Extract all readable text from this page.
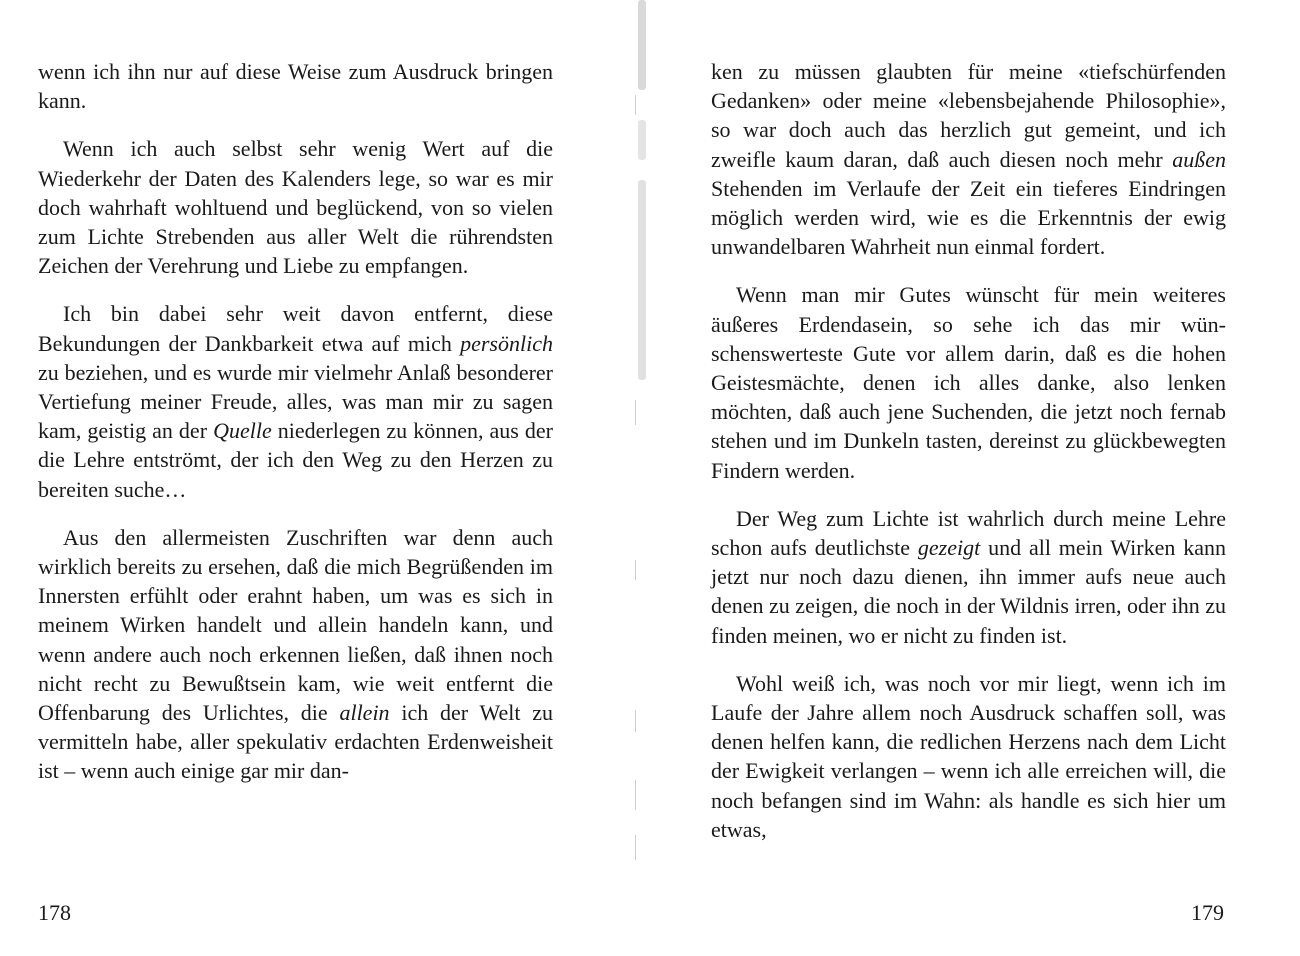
wenn ich ihn nur auf diese Weise zum Ausdruck bringen kann.

Wenn ich auch selbst sehr wenig Wert auf die Wiederkehr der Daten des Kalenders lege, so war es mir doch wahrhaft wohltuend und beglückend, von so vielen zum Lichte Strebenden aus aller Welt die rührendsten Zeichen der Verehrung und Liebe zu empfangen.

Ich bin dabei sehr weit davon entfernt, diese Bekundungen der Dankbarkeit etwa auf mich persönlich zu beziehen, und es wurde mir vielmehr Anlaß besonderer Vertiefung meiner Freude, alles, was man mir zu sagen kam, geistig an der Quelle niederlegen zu können, aus der die Lehre entströmt, der ich den Weg zu den Herzen zu bereiten suche…

Aus den allermeisten Zuschriften war denn auch wirklich bereits zu ersehen, daß die mich Begrüßenden im Innersten erfühlt oder erahnt haben, um was es sich in meinem Wirken handelt und allein handeln kann, und wenn andere auch noch erkennen ließen, daß ihnen noch nicht recht zu Bewußtsein kam, wie weit entfernt die Offenbarung des Urlichtes, die allein ich der Welt zu vermitteln habe, aller spekulativ erdachten Erdenweisheit ist – wenn auch einige gar mir dan-

ken zu müssen glaubten für meine «tiefschürfenden Gedanken» oder meine «lebensbejahende Philosophie», so war doch auch das herzlich gut gemeint, und ich zweifle kaum daran, daß auch diesen noch mehr außen Stehenden im Verlaufe der Zeit ein tieferes Eindringen möglich werden wird, wie es die Erkenntnis der ewig unwandelbaren Wahrheit nun einmal fordert.

Wenn man mir Gutes wünscht für mein weiteres äußeres Erdendasein, so sehe ich das mir wünschenswerteste Gute vor allem darin, daß es die hohen Geistesmächte, denen ich alles danke, also lenken möchten, daß auch jene Suchenden, die jetzt noch fernab stehen und im Dunkeln tasten, dereinst zu glückbewegten Findern werden.

Der Weg zum Lichte ist wahrlich durch meine Lehre schon aufs deutlichste gezeigt und all mein Wirken kann jetzt nur noch dazu dienen, ihn immer aufs neue auch denen zu zeigen, die noch in der Wildnis irren, oder ihn zu finden meinen, wo er nicht zu finden ist.

Wohl weiß ich, was noch vor mir liegt, wenn ich im Laufe der Jahre allem noch Ausdruck schaffen soll, was denen helfen kann, die redlichen Herzens nach dem Licht der Ewigkeit verlangen – wenn ich alle erreichen will, die noch befangen sind im Wahn: als handle es sich hier um etwas,

178	179
